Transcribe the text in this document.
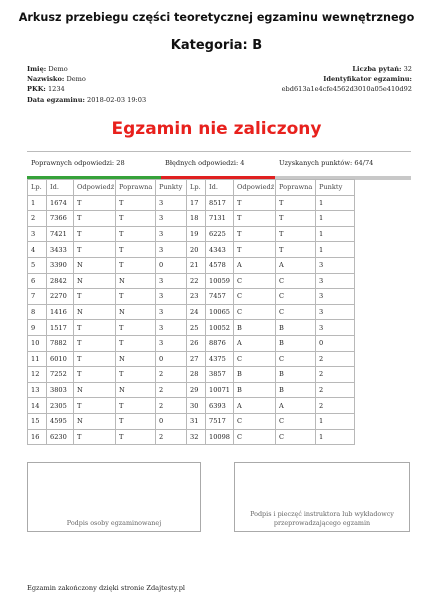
Arkusz przebiegu części teoretycznej egzaminu wewnętrznego
Kategoria: B
Imię: Demo
Nazwisko: Demo
PKK: 1234
Data egzaminu: 2018-02-03 19:03
Liczba pytań: 32
Identyfikator egzaminu:
ebd613a1e4cfe4562d3010a05e410d92
Egzamin nie zaliczony
Poprawnych odpowiedzi: 28	Błędnych odpowiedzi: 4	Uzyskanych punktów: 64/74
Lp.	Id.	Odpowiedź	Poprawna	Punkty	Lp.	Id.	Odpowiedź	Poprawna	Punkty
1	1674	T	T	3	17	8517	T	T	1
2	7366	T	T	3	18	7131	T	T	1
3	7421	T	T	3	19	6225	T	T	1
4	3433	T	T	3	20	4343	T	T	1
5	3390	N	T	0	21	4578	A	A	3
6	2842	N	N	3	22	10059	C	C	3
7	2270	T	T	3	23	7457	C	C	3
8	1416	N	N	3	24	10065	C	C	3
9	1517	T	T	3	25	10052	B	B	3
10	7882	T	T	3	26	8876	A	B	0
11	6010	T	N	0	27	4375	C	C	2
12	7252	T	T	2	28	3857	B	B	2
13	3803	N	N	2	29	10071	B	B	2
14	2305	T	T	2	30	6393	A	A	2
15	4595	N	T	0	31	7517	C	C	1
16	6230	T	T	2	32	10098	C	C	1
Podpis osoby egzaminowanej
Podpis i pieczęć instruktora lub wykładowcy
przeprowadzającego egzamin
Egzamin zakończony dzięki stronie Zdajtesty.pl
